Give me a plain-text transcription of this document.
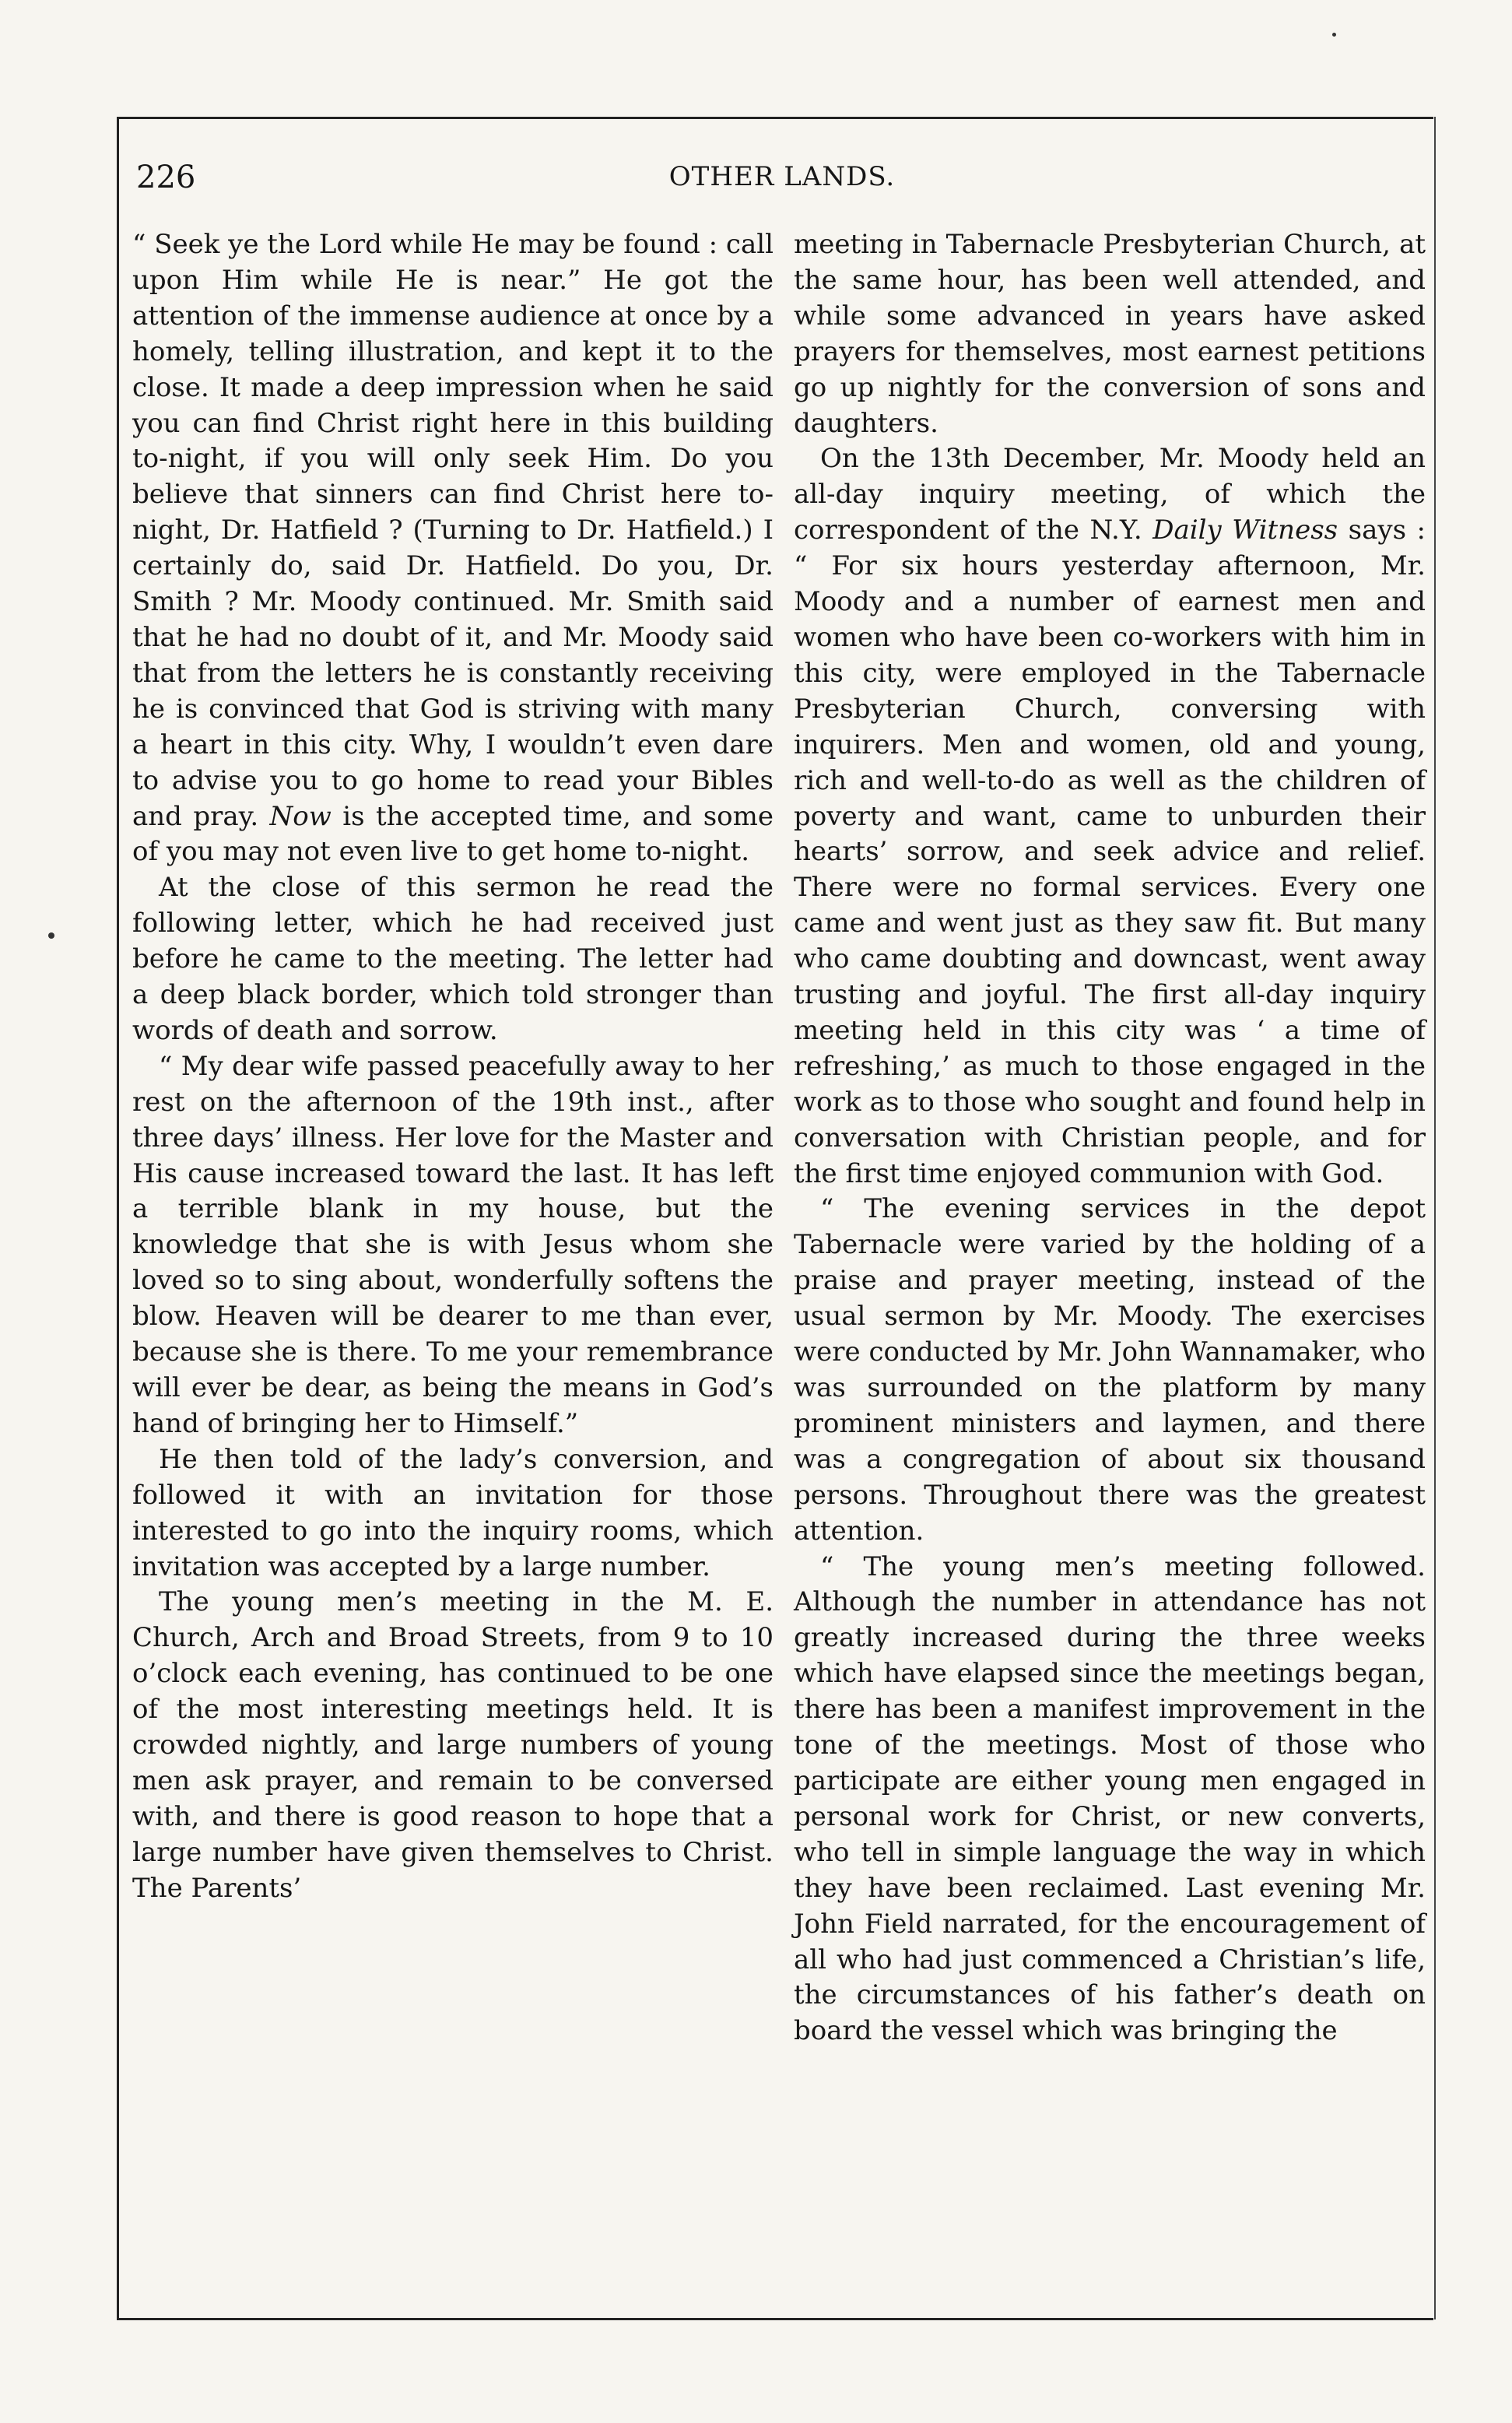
226	OTHER LANDS.

“ Seek ye the Lord while He may be found : call upon Him while He is near.” He got the attention of the immense audience at once by a homely, telling illustration, and kept it to the close. It made a deep impression when he said you can find Christ right here in this building to-night, if you will only seek Him. Do you believe that sinners can find Christ here to-night, Dr. Hatfield ? (Turning to Dr. Hatfield.) I certainly do, said Dr. Hatfield. Do you, Dr. Smith ? Mr. Moody continued. Mr. Smith said that he had no doubt of it, and Mr. Moody said that from the letters he is constantly receiving he is convinced that God is striving with many a heart in this city. Why, I wouldn’t even dare to advise you to go home to read your Bibles and pray. Now is the accepted time, and some of you may not even live to get home to-night.

At the close of this sermon he read the following letter, which he had received just before he came to the meeting. The letter had a deep black border, which told stronger than words of death and sorrow.

“ My dear wife passed peacefully away to her rest on the afternoon of the 19th inst., after three days’ illness. Her love for the Master and His cause increased toward the last. It has left a terrible blank in my house, but the knowledge that she is with Jesus whom she loved so to sing about, wonderfully softens the blow. Heaven will be dearer to me than ever, because she is there. To me your remembrance will ever be dear, as being the means in God’s hand of bringing her to Himself.”

He then told of the lady’s conversion, and followed it with an invitation for those interested to go into the inquiry rooms, which invitation was accepted by a large number.

The young men’s meeting in the M. E. Church, Arch and Broad Streets, from 9 to 10 o’clock each evening, has continued to be one of the most interesting meetings held. It is crowded nightly, and large numbers of young men ask prayer, and remain to be conversed with, and there is good reason to hope that a large number have given themselves to Christ. The Parents’

meeting in Tabernacle Presbyterian Church, at the same hour, has been well attended, and while some advanced in years have asked prayers for themselves, most earnest petitions go up nightly for the conversion of sons and daughters.

On the 13th December, Mr. Moody held an all-day inquiry meeting, of which the correspondent of the N.Y. Daily Witness says : “ For six hours yesterday afternoon, Mr. Moody and a number of earnest men and women who have been co-workers with him in this city, were employed in the Tabernacle Presbyterian Church, conversing with inquirers. Men and women, old and young, rich and well-to-do as well as the children of poverty and want, came to unburden their hearts’ sorrow, and seek advice and relief. There were no formal services. Every one came and went just as they saw fit. But many who came doubting and downcast, went away trusting and joyful. The first all-day inquiry meeting held in this city was ‘ a time of refreshing,’ as much to those engaged in the work as to those who sought and found help in conversation with Christian people, and for the first time enjoyed communion with God.

“ The evening services in the depot Tabernacle were varied by the holding of a praise and prayer meeting, instead of the usual sermon by Mr. Moody. The exercises were conducted by Mr. John Wannamaker, who was surrounded on the platform by many prominent ministers and laymen, and there was a congregation of about six thousand persons. Throughout there was the greatest attention.

“ The young men’s meeting followed. Although the number in attendance has not greatly increased during the three weeks which have elapsed since the meetings began, there has been a manifest improvement in the tone of the meetings. Most of those who participate are either young men engaged in personal work for Christ, or new converts, who tell in simple language the way in which they have been reclaimed. Last evening Mr. John Field narrated, for the encouragement of all who had just commenced a Christian’s life, the circumstances of his father’s death on board the vessel which was bringing the
